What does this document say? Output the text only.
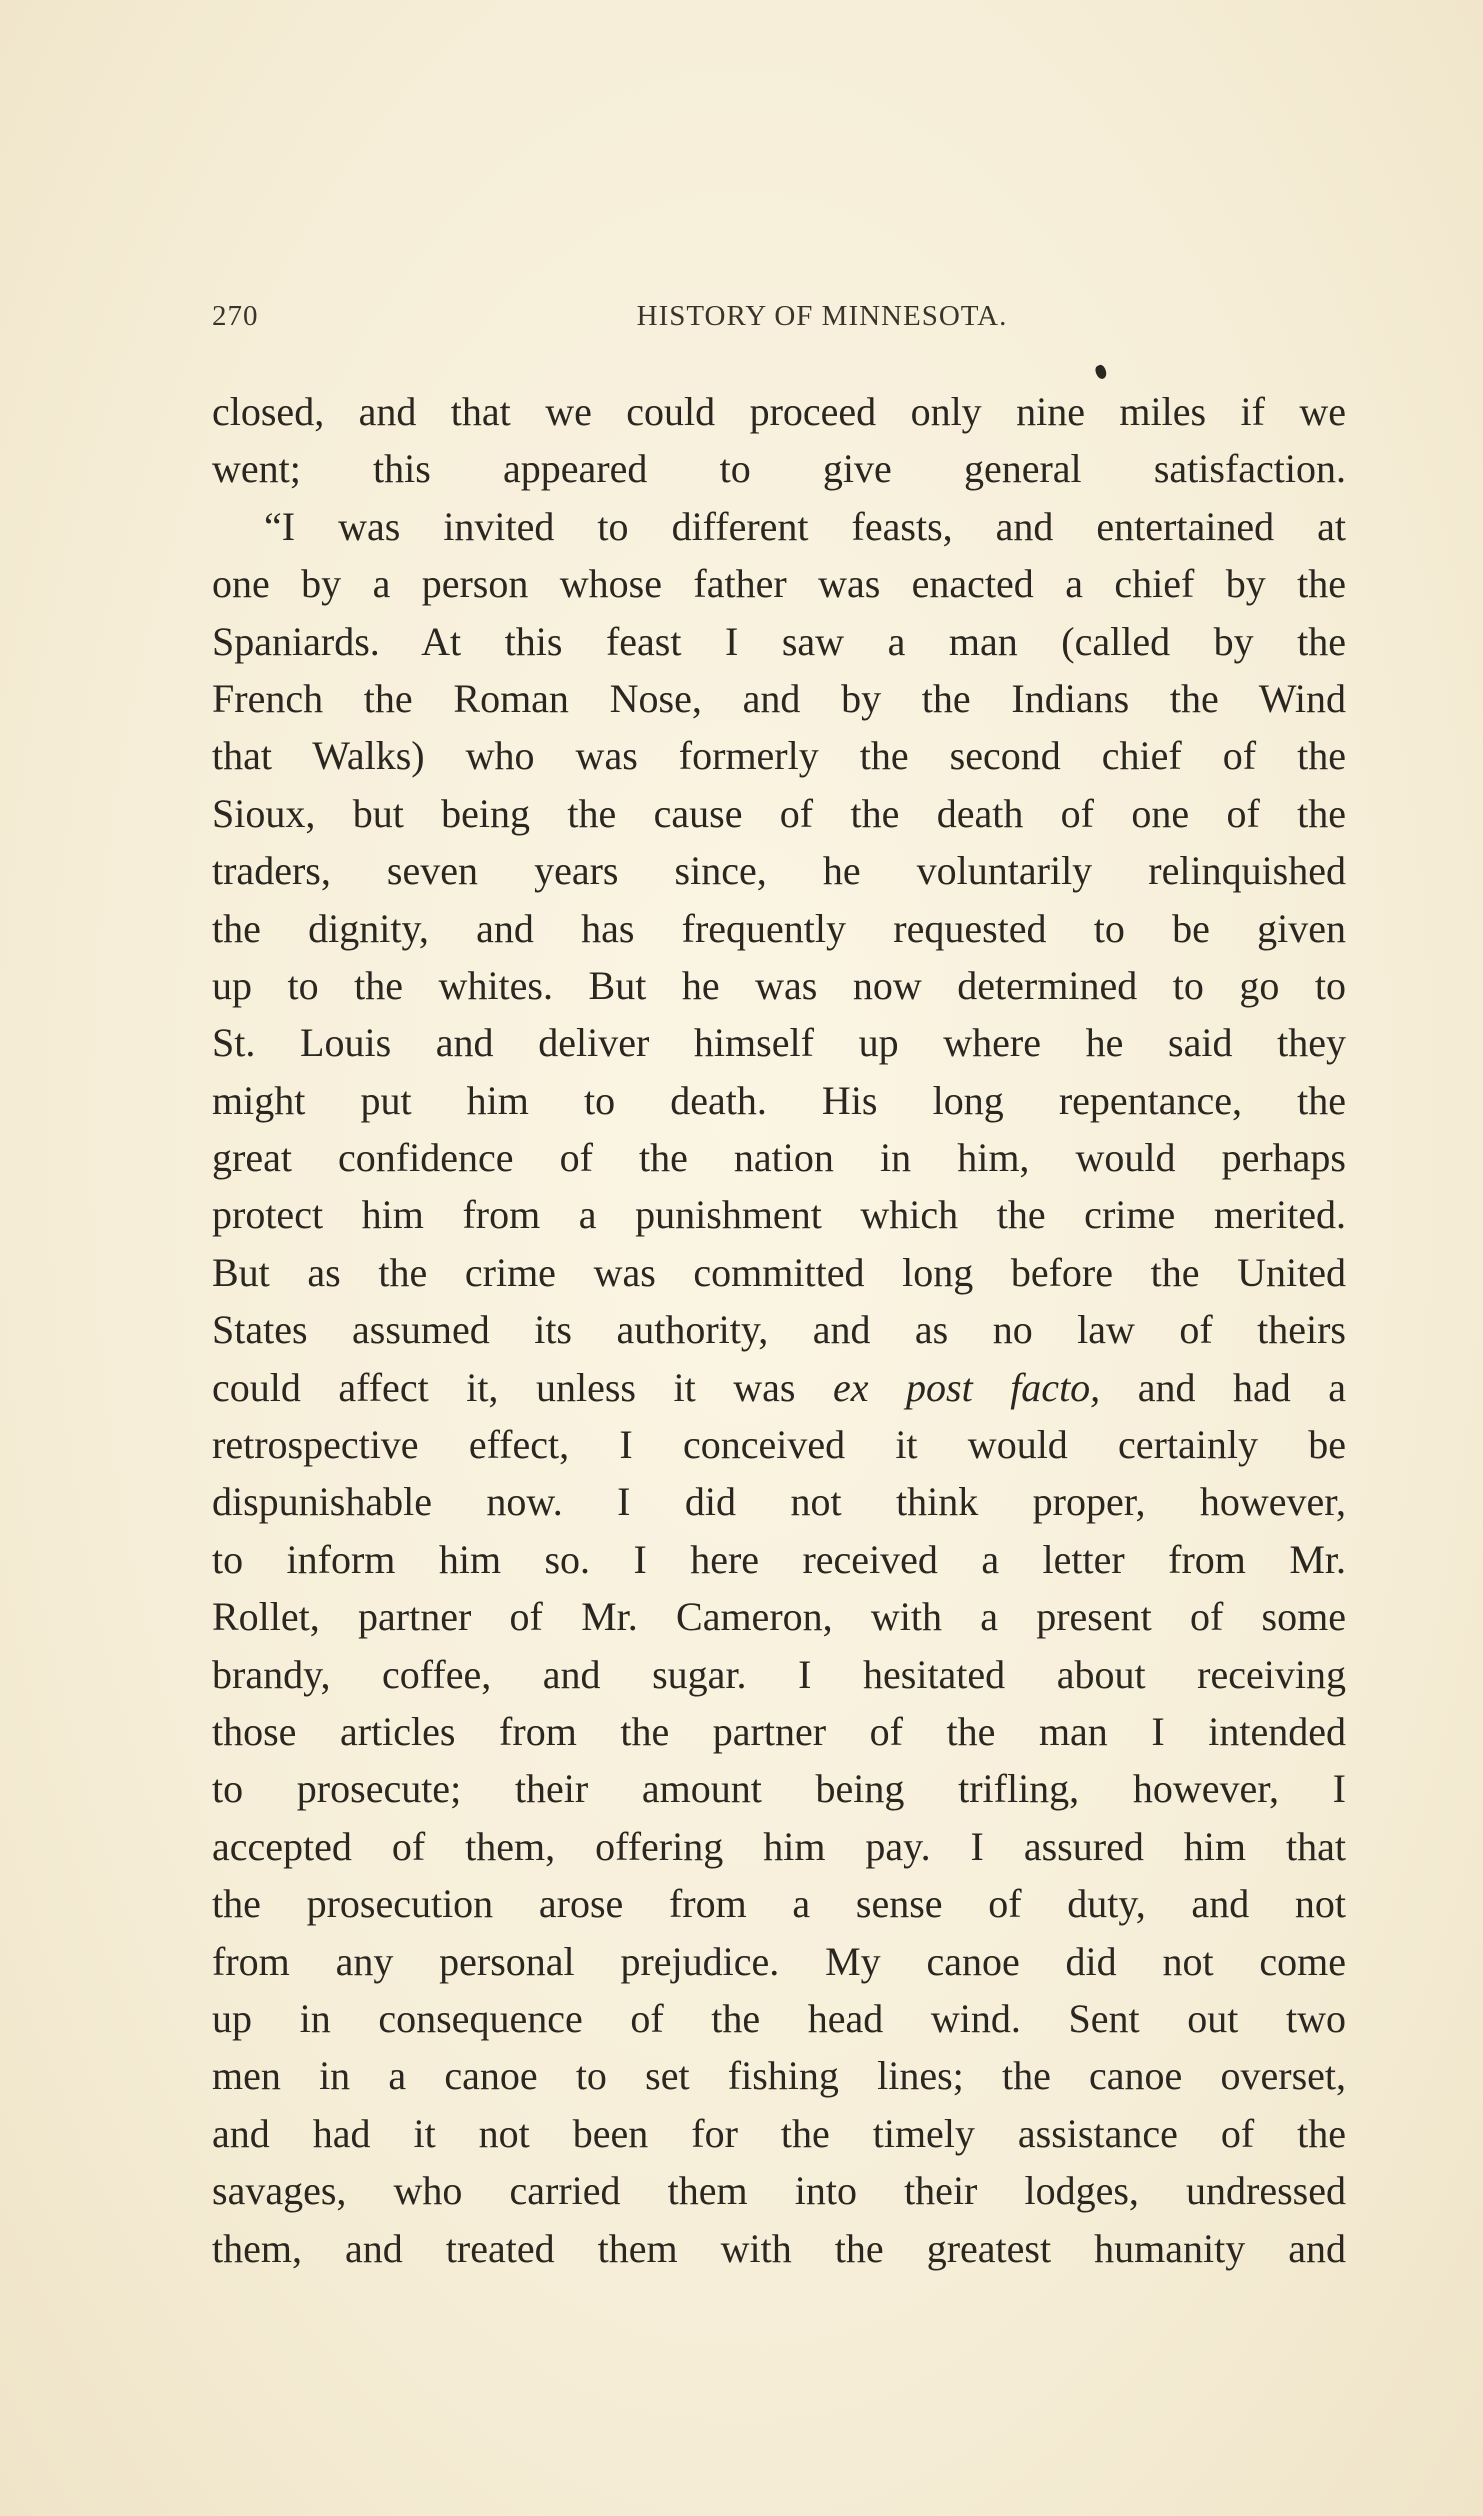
270	HISTORY OF MINNESOTA.
closed, and that we could proceed only nine miles if we
went; this appeared to give general satisfaction.
“I was invited to different feasts, and entertained at
one by a person whose father was enacted a chief by the
Spaniards. At this feast I saw a man (called by the
French the Roman Nose, and by the Indians the Wind
that Walks) who was formerly the second chief of the
Sioux, but being the cause of the death of one of the
traders, seven years since, he voluntarily relinquished
the dignity, and has frequently requested to be given
up to the whites. But he was now determined to go to
St. Louis and deliver himself up where he said they
might put him to death. His long repentance, the
great confidence of the nation in him, would perhaps
protect him from a punishment which the crime merited.
But as the crime was committed long before the United
States assumed its authority, and as no law of theirs
could affect it, unless it was ex post facto, and had a
retrospective effect, I conceived it would certainly be
dispunishable now. I did not think proper, however,
to inform him so. I here received a letter from Mr.
Rollet, partner of Mr. Cameron, with a present of some
brandy, coffee, and sugar. I hesitated about receiving
those articles from the partner of the man I intended
to prosecute; their amount being trifling, however, I
accepted of them, offering him pay. I assured him that
the prosecution arose from a sense of duty, and not
from any personal prejudice. My canoe did not come
up in consequence of the head wind. Sent out two
men in a canoe to set fishing lines; the canoe overset,
and had it not been for the timely assistance of the
savages, who carried them into their lodges, undressed
them, and treated them with the greatest humanity and
